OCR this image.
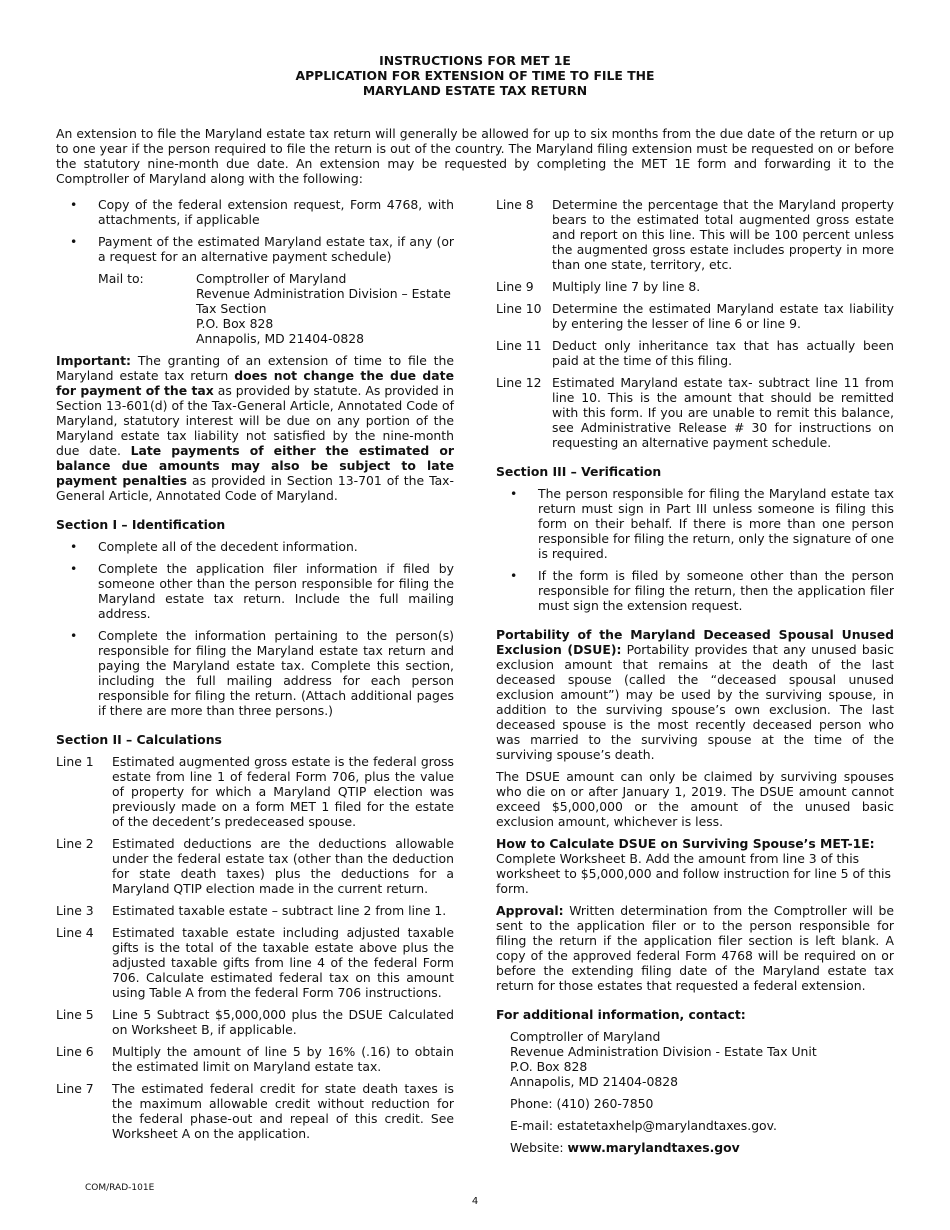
INSTRUCTIONS FOR MET 1E
APPLICATION FOR EXTENSION OF TIME TO FILE THE
MARYLAND ESTATE TAX RETURN
An extension to file the Maryland estate tax return will generally be allowed for up to six months from the due date of the return or up to one year if the person required to file the return is out of the country. The Maryland filing extension must be requested on or before the statutory nine-month due date. An extension may be requested by completing the MET 1E form and forwarding it to the Comptroller of Maryland along with the following:
• Copy of the federal extension request, Form 4768, with attachments, if applicable
• Payment of the estimated Maryland estate tax, if any (or a request for an alternative payment schedule)
Mail to:	Comptroller of Maryland
Revenue Administration Division – Estate Tax Section
P.O. Box 828
Annapolis, MD 21404-0828

Important: The granting of an extension of time to file the Maryland estate tax return does not change the due date for payment of the tax as provided by statute. As provided in Section 13-601(d) of the Tax-General Article, Annotated Code of Maryland, statutory interest will be due on any portion of the Maryland estate tax liability not satisfied by the nine-month due date. Late payments of either the estimated or balance due amounts may also be subject to late payment penalties as provided in Section 13-701 of the Tax-General Article, Annotated Code of Maryland.

Section I – Identification
• Complete all of the decedent information.
• Complete the application filer information if filed by someone other than the person responsible for filing the Maryland estate tax return. Include the full mailing address.
• Complete the information pertaining to the person(s) responsible for filing the Maryland estate tax return and paying the Maryland estate tax. Complete this section, including the full mailing address for each person responsible for filing the return. (Attach additional pages if there are more than three persons.)
Section II – Calculations
Line 1 Estimated augmented gross estate is the federal gross estate from line 1 of federal Form 706, plus the value of property for which a Maryland QTIP election was previously made on a form MET 1 filed for the estate of the decedent’s predeceased spouse.
Line 2 Estimated deductions are the deductions allowable under the federal estate tax (other than the deduction for state death taxes) plus the deductions for a Maryland QTIP election made in the current return.
Line 3 Estimated taxable estate – subtract line 2 from line 1.
Line 4 Estimated taxable estate including adjusted taxable gifts is the total of the taxable estate above plus the adjusted taxable gifts from line 4 of the federal Form 706. Calculate estimated federal tax on this amount using Table A from the federal Form 706 instructions.
Line 5 Line 5 Subtract $5,000,000 plus the DSUE Calculated on Worksheet B, if applicable.
Line 6 Multiply the amount of line 5 by 16% (.16) to obtain the estimated limit on Maryland estate tax.
Line 7 The estimated federal credit for state death taxes is the maximum allowable credit without reduction for the federal phase-out and repeal of this credit. See Worksheet A on the application.
Line 8 Determine the percentage that the Maryland property bears to the estimated total augmented gross estate and report on this line. This will be 100 percent unless the augmented gross estate includes property in more than one state, territory, etc.
Line 9 Multiply line 7 by line 8.
Line 10 Determine the estimated Maryland estate tax liability by entering the lesser of line 6 or line 9.
Line 11 Deduct only inheritance tax that has actually been paid at the time of this filing.
Line 12 Estimated Maryland estate tax- subtract line 11 from line 10. This is the amount that should be remitted with this form. If you are unable to remit this balance, see Administrative Release # 30 for instructions on requesting an alternative payment schedule.
Section III – Verification
• The person responsible for filing the Maryland estate tax return must sign in Part III unless someone is filing this form on their behalf. If there is more than one person responsible for filing the return, only the signature of one is required.
• If the form is filed by someone other than the person responsible for filing the return, then the application filer must sign the extension request.

Portability of the Maryland Deceased Spousal Unused Exclusion (DSUE): Portability provides that any unused basic exclusion amount that remains at the death of the last deceased spouse (called the “deceased spousal unused exclusion amount”) may be used by the surviving spouse, in addition to the surviving spouse’s own exclusion. The last deceased spouse is the most recently deceased person who was married to the surviving spouse at the time of the surviving spouse’s death.

The DSUE amount can only be claimed by surviving spouses who die on or after January 1, 2019. The DSUE amount cannot exceed $5,000,000 or the amount of the unused basic exclusion amount, whichever is less.

How to Calculate DSUE on Surviving Spouse’s MET-1E: Complete Worksheet B. Add the amount from line 3 of this worksheet to $5,000,000 and follow instruction for line 5 of this form.

Approval: Written determination from the Comptroller will be sent to the application filer or to the person responsible for filing the return if the application filer section is left blank. A copy of the approved federal Form 4768 will be required on or before the extending filing date of the Maryland estate tax return for those estates that requested a federal extension.

For additional information, contact:

Comptroller of Maryland
Revenue Administration Division - Estate Tax Unit
P.O. Box 828
Annapolis, MD 21404-0828

Phone: (410) 260-7850

E-mail: estatetaxhelp@marylandtaxes.gov.

Website: www.marylandtaxes.gov

COM/RAD-101E
4
